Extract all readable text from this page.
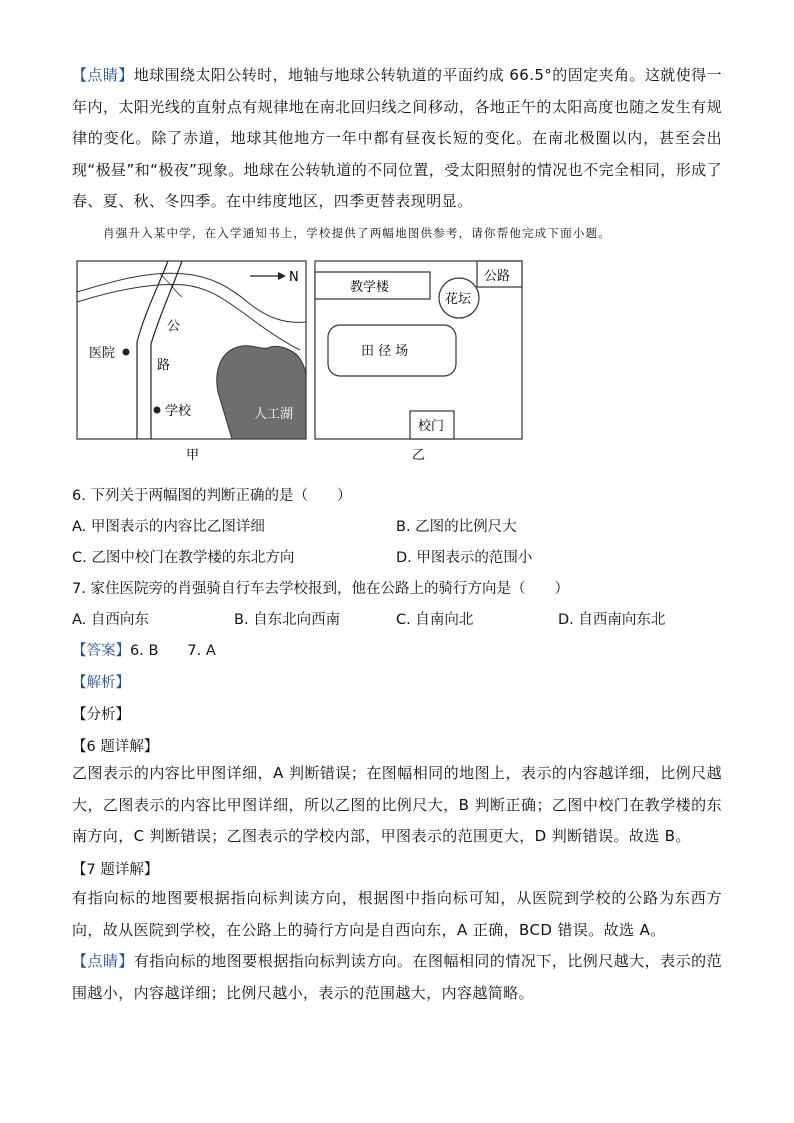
【点睛】地球围绕太阳公转时，地轴与地球公转轨道的平面约成 66.5°的固定夹角。这就使得一年内，太阳光线的直射点有规律地在南北回归线之间移动，各地正午的太阳高度也随之发生有规律的变化。除了赤道，地球其他地方一年中都有昼夜长短的变化。在南北极圈以内，甚至会出现“极昼”和“极夜”现象。地球在公转轨道的不同位置，受太阳照射的情况也不完全相同，形成了春、夏、秋、冬四季。在中纬度地区，四季更替表现明显。
肖强升入某中学，在入学通知书上，学校提供了两幅地图供参考，请你帮他完成下面小题。
N
公
路
医院
学校	人工湖
甲
教学楼
公路
花坛
田 径 场
校门
乙
6. 下列关于两幅图的判断正确的是（　　）
A. 甲图表示的内容比乙图详细	B. 乙图的比例尺大
C. 乙图中校门在教学楼的东北方向	D. 甲图表示的范围小
7. 家住医院旁的肖强骑自行车去学校报到，他在公路上的骑行方向是（　　）
A. 自西向东	B. 自东北向西南	C. 自南向北	D. 自西南向东北
【答案】6. B　　7. A
【解析】
【分析】
【6 题详解】
乙图表示的内容比甲图详细，A 判断错误；在图幅相同的地图上，表示的内容越详细，比例尺越大，乙图表示的内容比甲图详细，所以乙图的比例尺大，B 判断正确；乙图中校门在教学楼的东南方向，C 判断错误；乙图表示的学校内部，甲图表示的范围更大，D 判断错误。故选 B。
【7 题详解】
有指向标的地图要根据指向标判读方向，根据图中指向标可知，从医院到学校的公路为东西方向，故从医院到学校，在公路上的骑行方向是自西向东，A 正确，BCD 错误。故选 A。
【点睛】有指向标的地图要根据指向标判读方向。在图幅相同的情况下，比例尺越大，表示的范围越小，内容越详细；比例尺越小，表示的范围越大，内容越简略。
